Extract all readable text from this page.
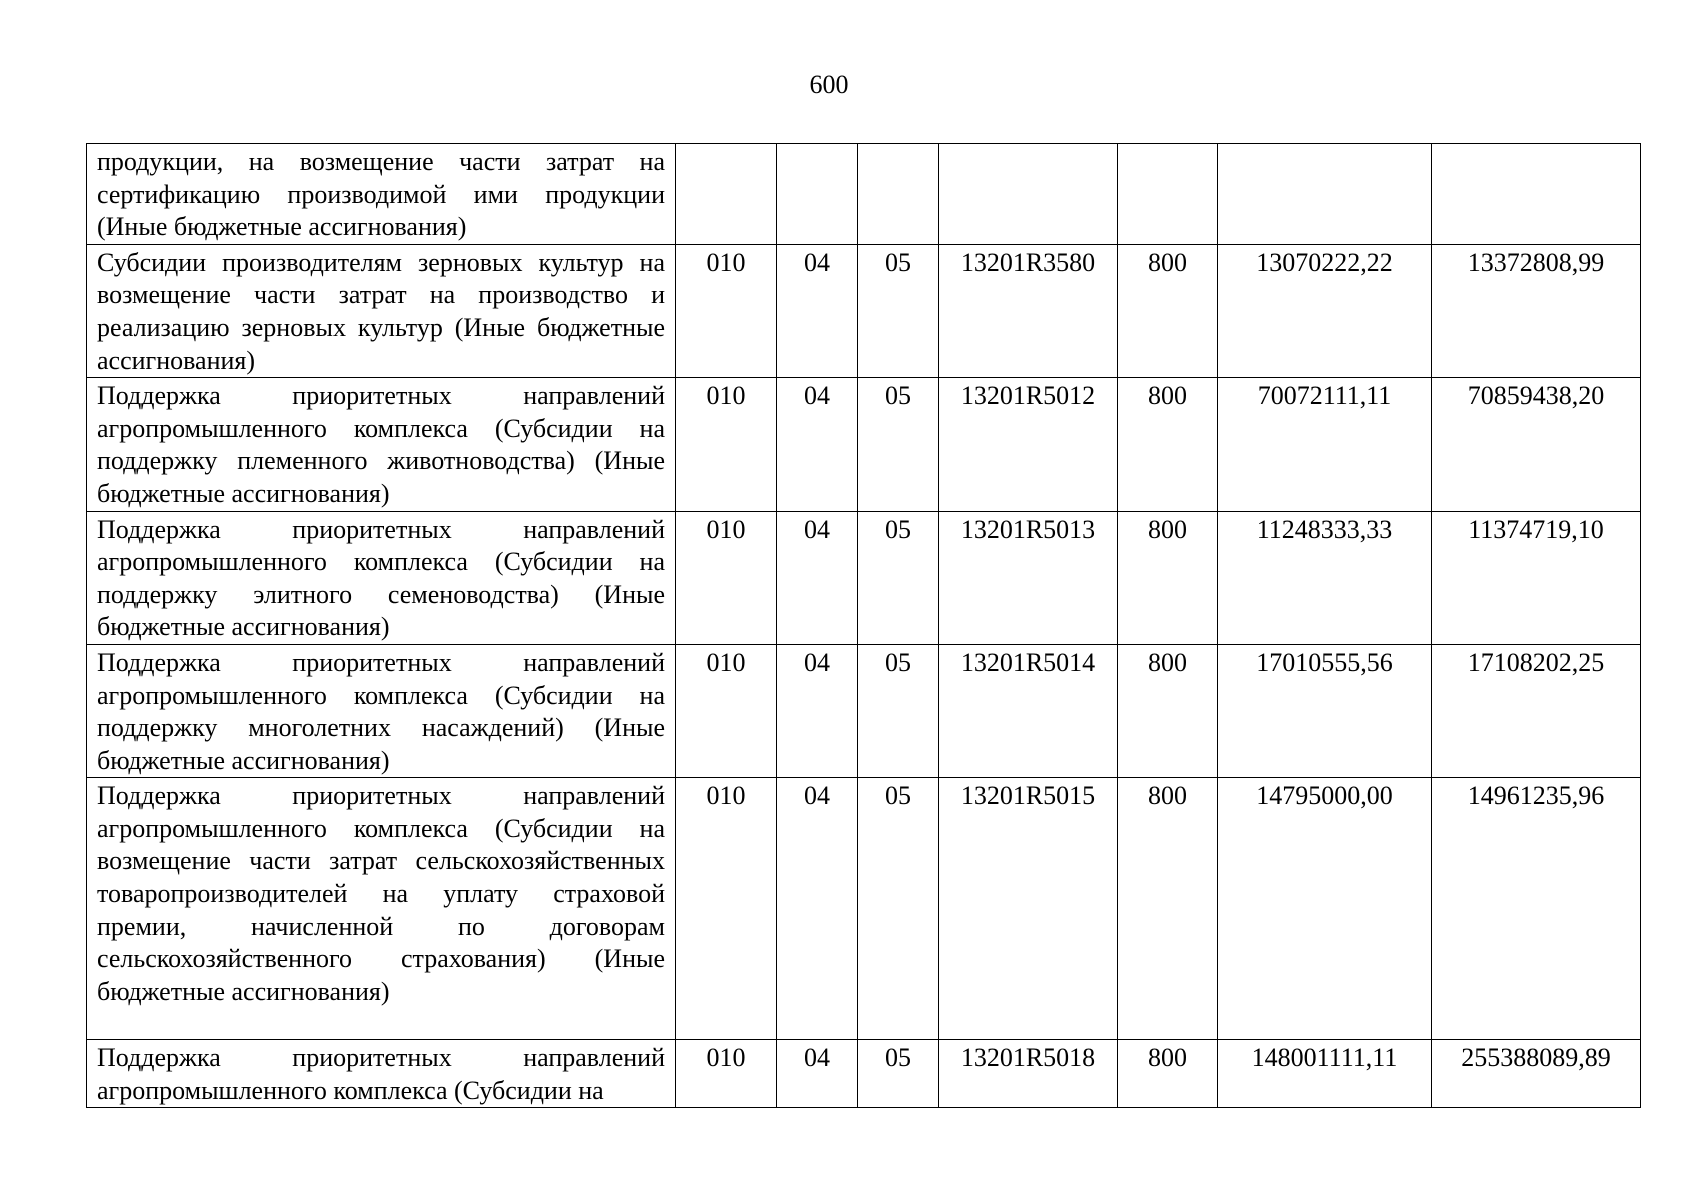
600
продукции, на возмещение части затрат на сертификацию производимой ими продукции (Иные бюджетные ассигнования)							
Субсидии производителям зерновых культур на возмещение части затрат на производство и реализацию зерновых культур (Иные бюджетные ассигнования)	010	04	05	13201R3580	800	13070222,22	13372808,99
Поддержка приоритетных направлений агропромышленного комплекса (Субсидии на поддержку племенного животноводства) (Иные бюджетные ассигнования)	010	04	05	13201R5012	800	70072111,11	70859438,20
Поддержка приоритетных направлений агропромышленного комплекса (Субсидии на поддержку элитного семеноводства) (Иные бюджетные ассигнования)	010	04	05	13201R5013	800	11248333,33	11374719,10
Поддержка приоритетных направлений агропромышленного комплекса (Субсидии на поддержку многолетних насаждений) (Иные бюджетные ассигнования)	010	04	05	13201R5014	800	17010555,56	17108202,25
Поддержка приоритетных направлений агропромышленного комплекса (Субсидии на возмещение части затрат сельскохозяйственных товаропроизводителей на уплату страховой премии, начисленной по договорам сельскохозяйственного страхования) (Иные бюджетные ассигнования)	010	04	05	13201R5015	800	14795000,00	14961235,96
Поддержка приоритетных направлений агропромышленного комплекса (Субсидии на	010	04	05	13201R5018	800	148001111,11	255388089,89
